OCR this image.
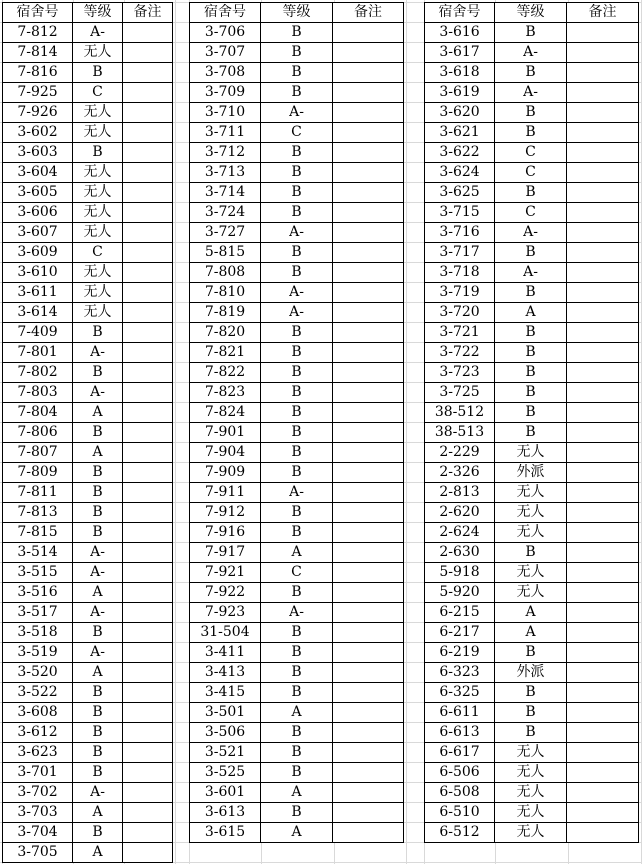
宿舍号	等级	备注
7-812	A-	
7-814	无人	
7-816	B	
7-925	C	
7-926	无人	
3-602	无人	
3-603	B	
3-604	无人	
3-605	无人	
3-606	无人	
3-607	无人	
3-609	C	
3-610	无人	
3-611	无人	
3-614	无人	
7-409	B	
7-801	A-	
7-802	B	
7-803	A-	
7-804	A	
7-806	B	
7-807	A	
7-809	B	
7-811	B	
7-813	B	
7-815	B	
3-514	A-	
3-515	A-	
3-516	A	
3-517	A-	
3-518	B	
3-519	A-	
3-520	A	
3-522	B	
3-608	B	
3-612	B	
3-623	B	
3-701	B	
3-702	A-	
3-703	A	
3-704	B	
3-705	A	
宿舍号	等级	备注
3-706	B	
3-707	B	
3-708	B	
3-709	B	
3-710	A-	
3-711	C	
3-712	B	
3-713	B	
3-714	B	
3-724	B	
3-727	A-	
5-815	B	
7-808	B	
7-810	A-	
7-819	A-	
7-820	B	
7-821	B	
7-822	B	
7-823	B	
7-824	B	
7-901	B	
7-904	B	
7-909	B	
7-911	A-	
7-912	B	
7-916	B	
7-917	A	
7-921	C	
7-922	B	
7-923	A-	
31-504	B	
3-411	B	
3-413	B	
3-415	B	
3-501	A	
3-506	B	
3-521	B	
3-525	B	
3-601	A	
3-613	B	
3-615	A	
宿舍号	等级	备注
3-616	B	
3-617	A-	
3-618	B	
3-619	A-	
3-620	B	
3-621	B	
3-622	C	
3-624	C	
3-625	B	
3-715	C	
3-716	A-	
3-717	B	
3-718	A-	
3-719	B	
3-720	A	
3-721	B	
3-722	B	
3-723	B	
3-725	B	
38-512	B	
38-513	B	
2-229	无人	
2-326	外派	
2-813	无人	
2-620	无人	
2-624	无人	
2-630	B	
5-918	无人	
5-920	无人	
6-215	A	
6-217	A	
6-219	B	
6-323	外派	
6-325	B	
6-611	B	
6-613	B	
6-617	无人	
6-506	无人	
6-508	无人	
6-510	无人	
6-512	无人	
